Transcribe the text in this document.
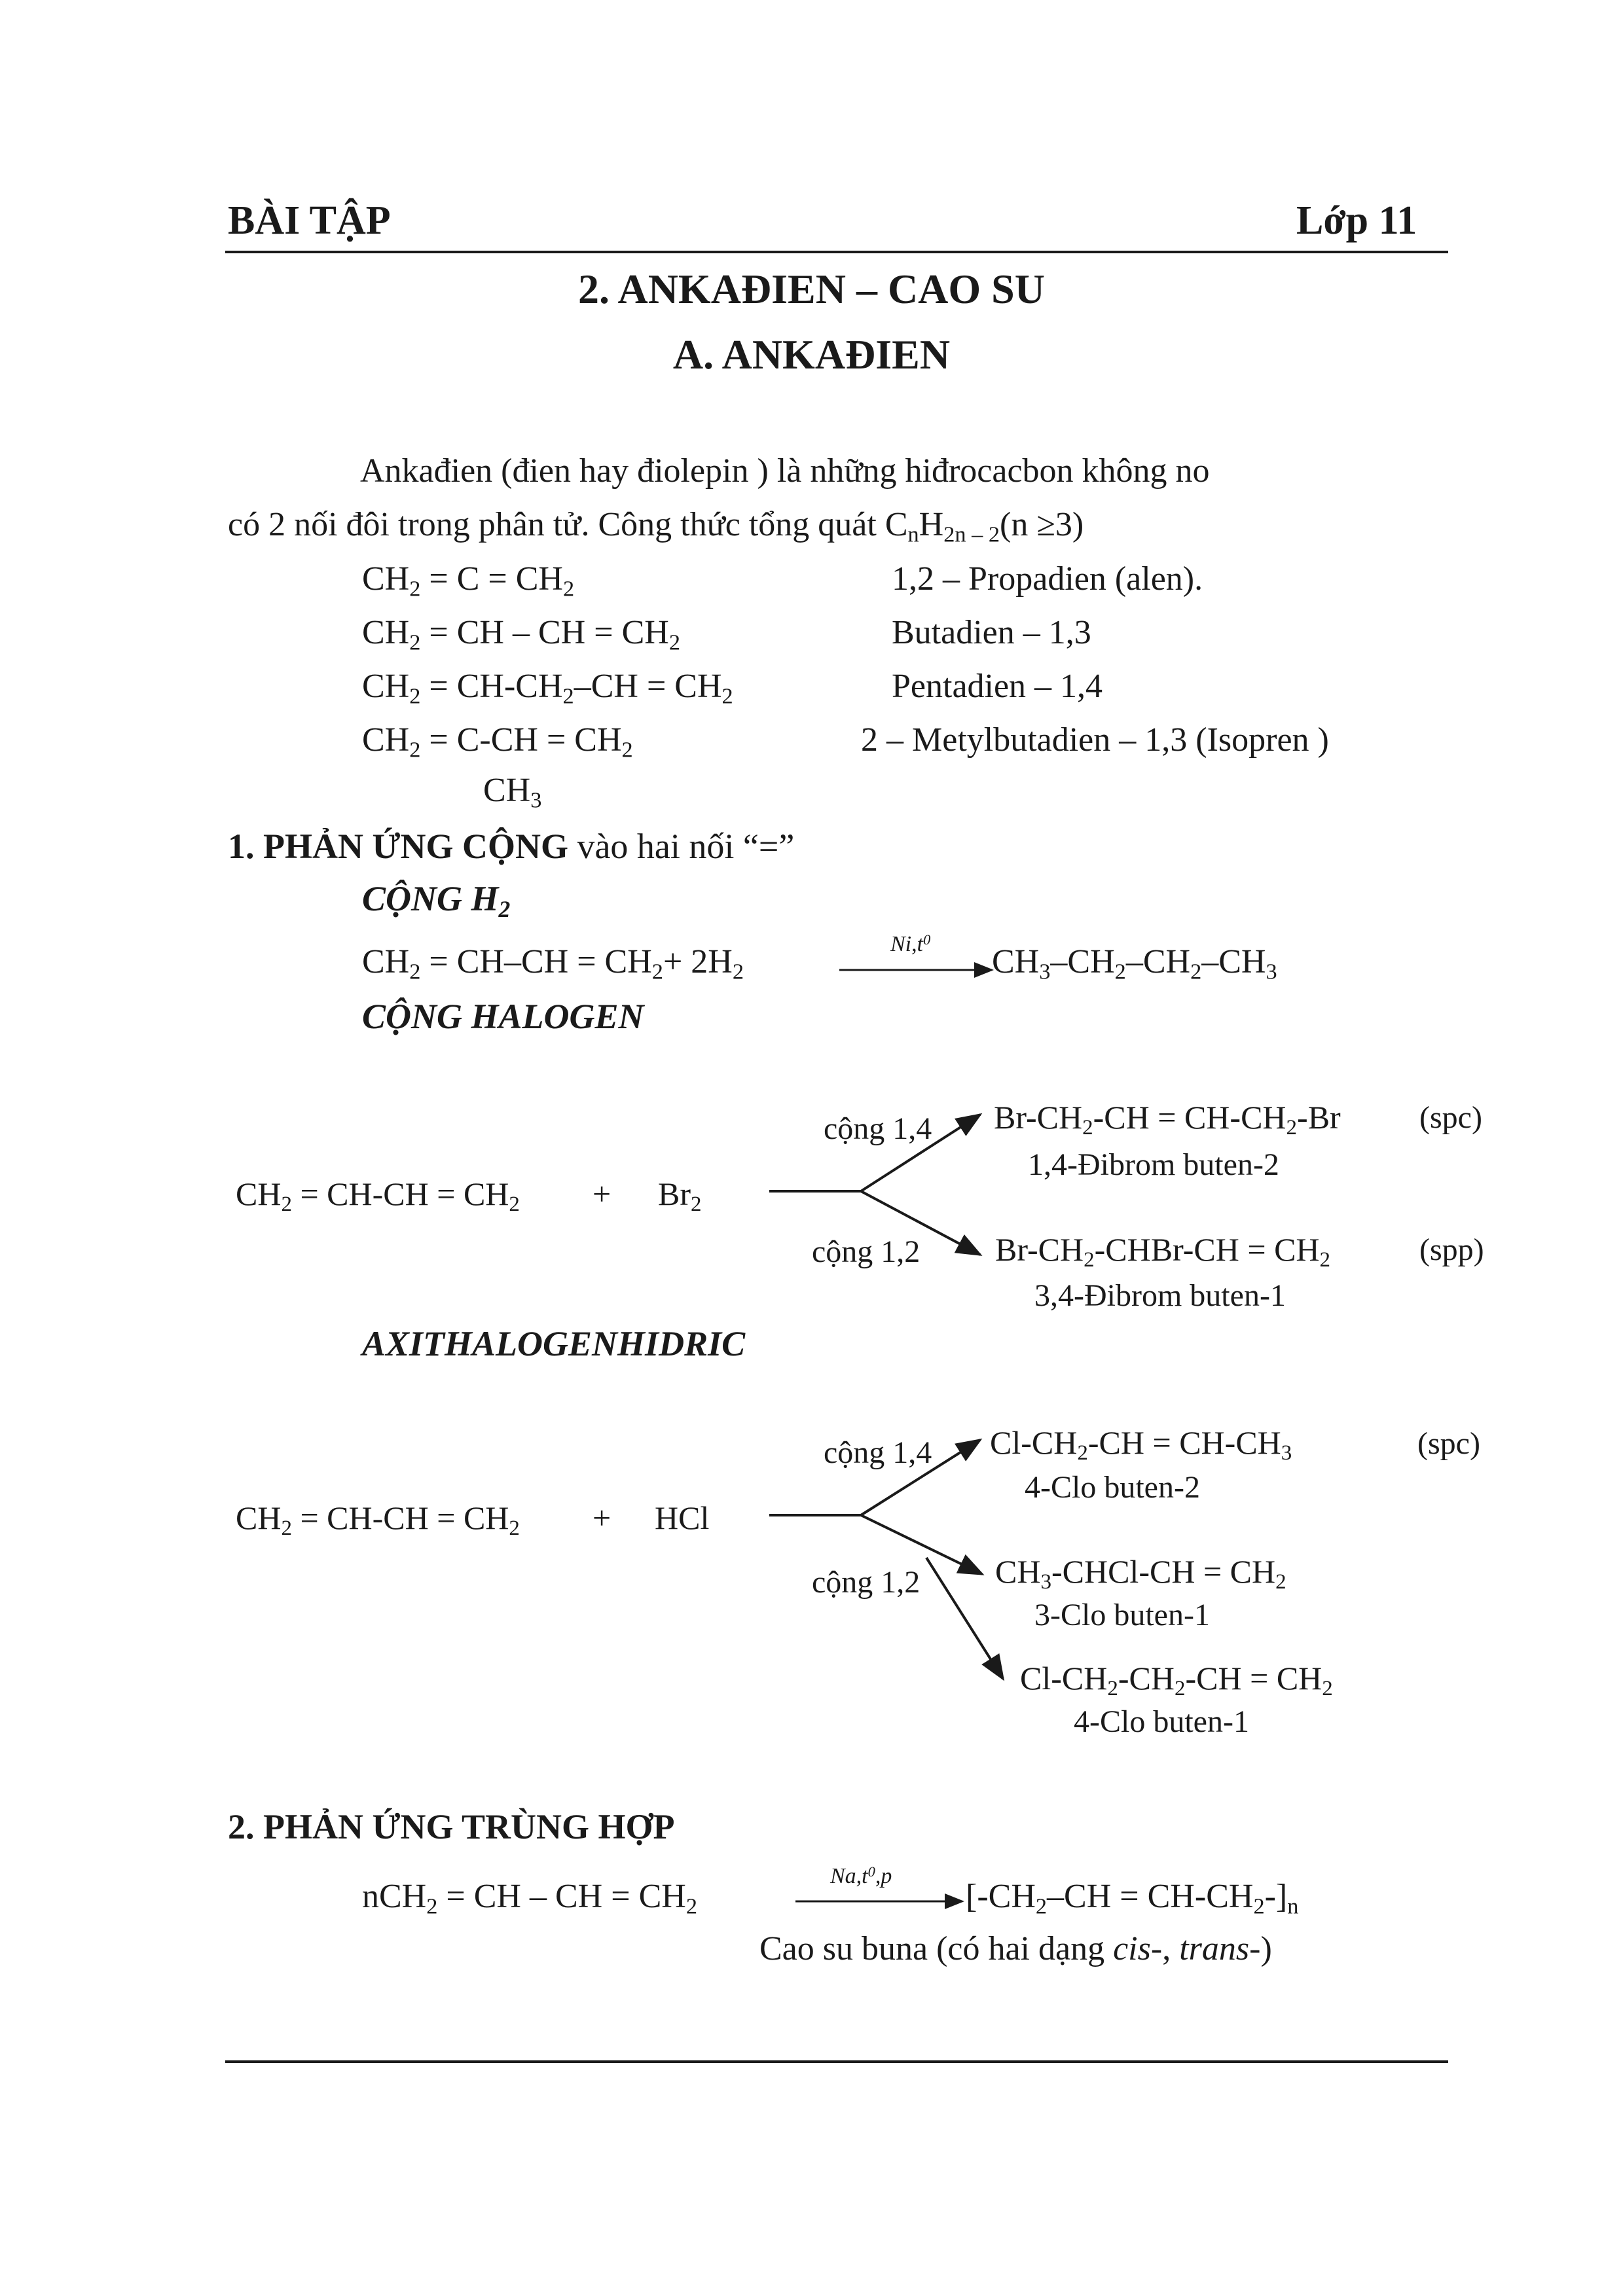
BÀI TẬP	Lớp 11
2. ANKAĐIEN – CAO SU
A. ANKAĐIEN
Ankađien (đien hay điolepin ) là những hiđrocacbon không no
có 2 nối đôi trong phân tử. Công thức tổng quát $C_nH_{2n - 2}(n \ge 3)$
$CH_2 = C = CH_2$	1,2 – Propadien (alen).
$CH_2$ = CH – CH = $CH_2$	Butadien – 1,3
$CH_2 = CH-CH_2-CH = CH_2$	Pentadien – 1,4
$CH_2 = C-CH = CH_2$	2 – Metylbutadien – 1,3 (Isopren )
$CH_3$
1. PHẢN ỨNG CỘNG vào hai nối “=”
CỘNG $H_2$
$CH_2 = CH-CH = CH_2+ 2H_2$
$Ni,t^0$
$CH_3-CH_2-CH_2-CH_3$
CỘNG HALOGEN
$CH_2 = CH-CH = CH_2 + Br_2$
cộng 1,4
cộng 1,2
$Br-CH_2-CH = CH-CH_2-Br$
1,4-Đibrom buten-2
(spc)
$Br-CH_2-CHBr-CH = CH_2$
3,4-Đibrom buten-1
(spp)
AXITHALOGENHIDRIC
$CH_2 = CH-CH = CH_2$ + HCl
cộng 1,4
cộng 1,2
$Cl-CH_2-CH = CH-CH_3$
4-Clo buten-2
(spc)
$CH_3-CHCl-CH = CH_2$
3-Clo buten-1
$Cl-CH_2-CH_2-CH = CH_2$
4-Clo buten-1
2. PHẢN ỨNG TRÙNG HỢP
nCH$_2$ = CH – CH = $CH_2$
$Na,t^0,p$
$[-CH_2-CH = CH-CH_2-]_n$
Cao su buna (có hai dạng cis-, trans-)
